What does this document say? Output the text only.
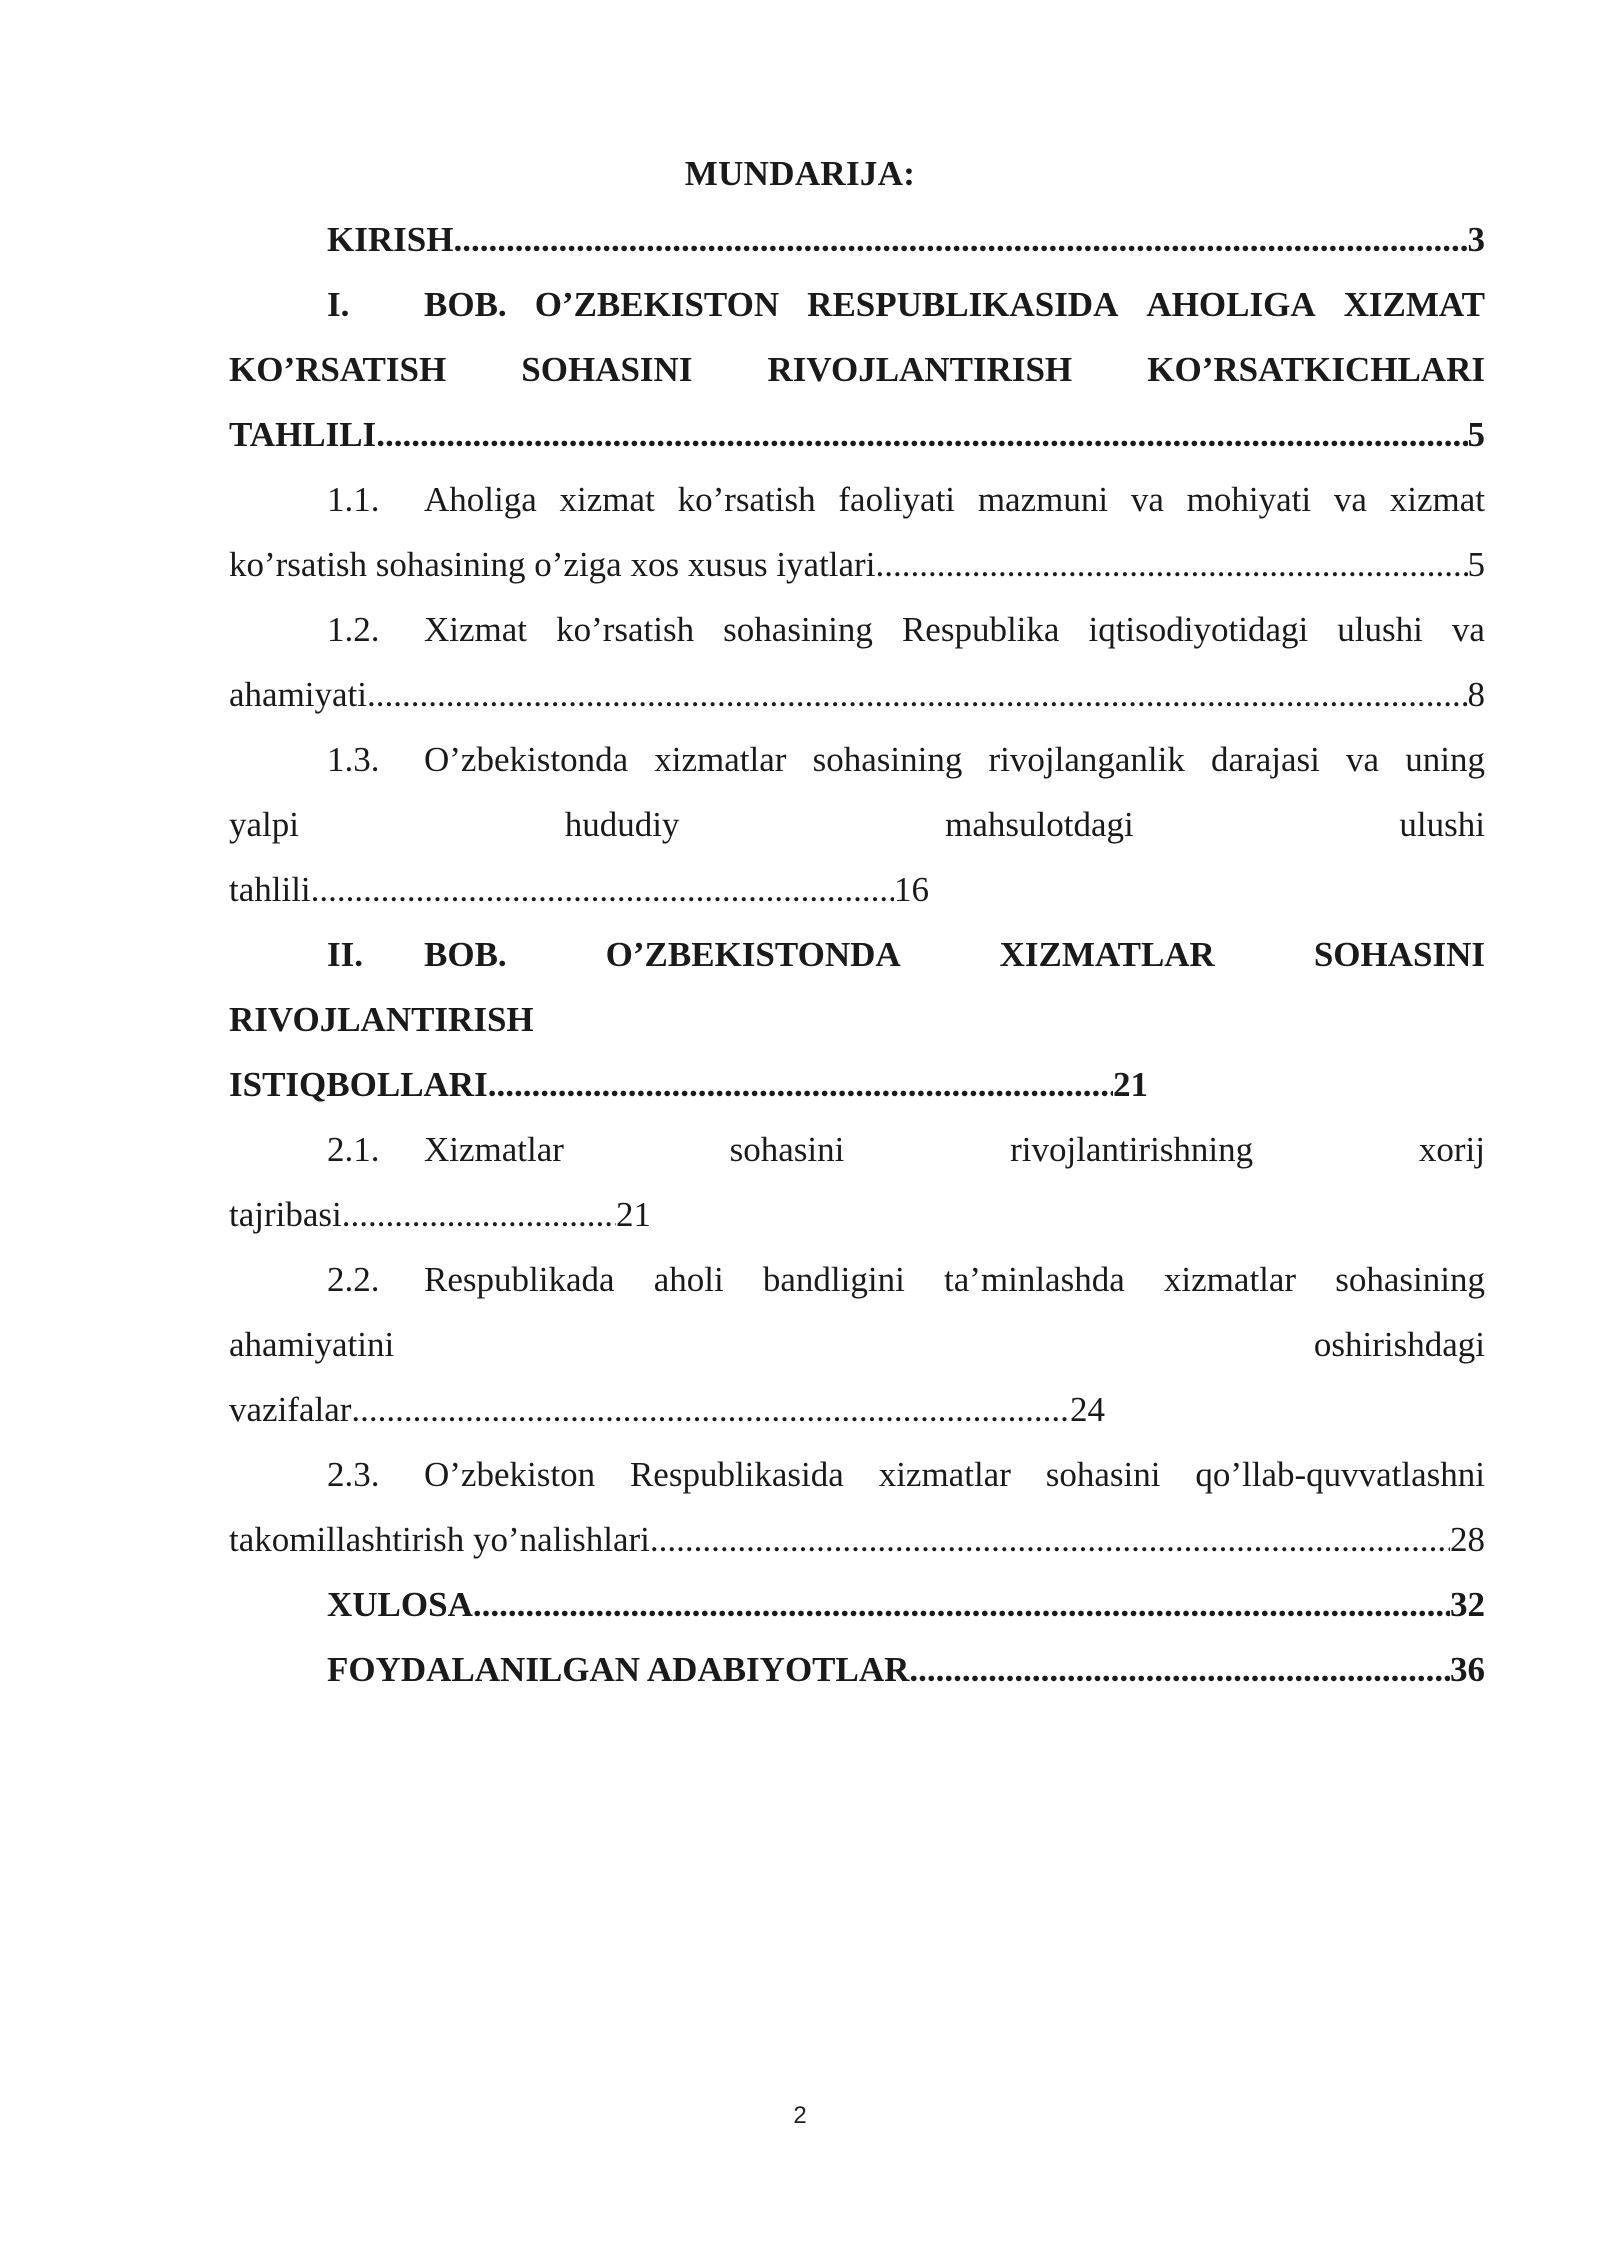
MUNDARIJA:
KIRISH .....	3
I.	BOB. O’ZBEKISTON RESPUBLIKASIDA AHOLIGA XIZMAT
KO’RSATISH SOHASINI RIVOJLANTIRISH KO’RSATKICHLARI
TAHLILI .....	5
1.1.	Aholiga xizmat ko’rsatish faoliyati mazmuni va mohiyati va xizmat
ko’rsatish sohasining o’ziga xos xusus iyatlari .....	5
1.2.	Xizmat ko’rsatish sohasining Respublika iqtisodiyotidagi ulushi va
ahamiyati .....	8
1.3.	O’zbekistonda xizmatlar sohasining rivojlanganlik darajasi va uning
yalpi	hududiy	mahsulotdagi	ulushi
tahlili .....	16
II.	BOB.	O’ZBEKISTONDA	XIZMATLAR	SOHASINI
RIVOJLANTIRISH
ISTIQBOLLARI .....	21
2.1.	Xizmatlar	sohasini	rivojlantirishning	xorij
tajribasi .....	21
2.2.	Respublikada aholi bandligini ta’minlashda xizmatlar sohasining
ahamiyatini	oshirishdagi
vazifalar .....	24
2.3.	O’zbekiston Respublikasida xizmatlar sohasini qo’llab-quvvatlashni
takomillashtirish yo’nalishlari .....	28
XULOSA .....	32
FOYDALANILGAN ADABIYOTLAR .....	36
2
